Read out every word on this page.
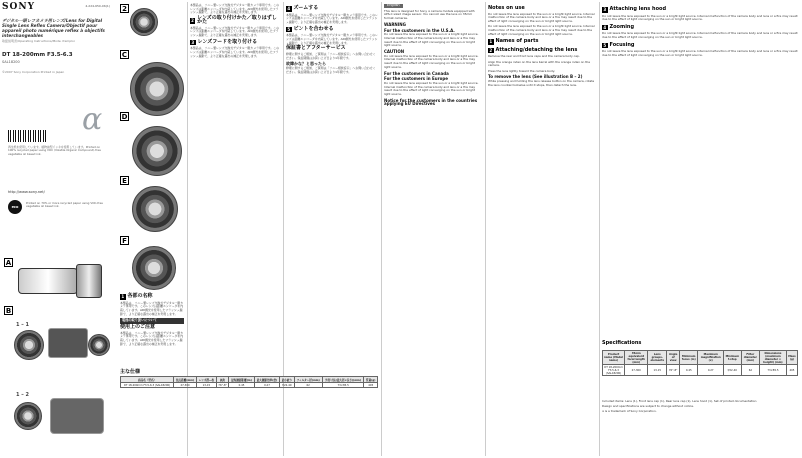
SONY	4-224-650-06(1)
デジタル一眼レフカメラ用レンズ/Lens for Digital Single Lens Reflex Camera/Objectif pour appareil photo numérique reflex à objectifs interchangeables
取扱説明書/Operating Instructions/Mode d'emploi
DT 18-200mm F3.5-6.3
SAL18200
©2007 Sony Corporation Printed in Japan
α
再生紙を使用しています。植物油型インキを使用しています。Printed on 100% recycled paper using VOC (Volatile Organic Compound)-free vegetable oil based ink.
http://www.sony.net/
eco
Printed on 70% or more recycled paper using VOC-free vegetable oil based ink.
2
A
B
1 – 1
1 – 2
C
D
E
F
1 各部の名称

本製品は、ソニー製レンズ交換式デジタル一眼カメラ専用です。このレンズは距離エンコーダを内蔵しています。ADI調光を使用したフラッシュ撮影で、より正確な露出の補正を実現します。

電池の取り扱いについて
使用上のご注意

本製品は、ソニー製レンズ交換式デジタル一眼カメラ専用です。このレンズは距離エンコーダを内蔵しています。ADI調光を使用したフラッシュ撮影で、より正確な露出の補正を実現します。

本製品は、ソニー製レンズ交換式デジタル一眼カメラ専用です。このレンズは距離エンコーダを内蔵しています。ADI調光を使用したフラッシュ撮影で、より正確な露出の補正を実現します。

2 レンズの取り付けかた／取りはずしかた

本製品は、ソニー製レンズ交換式デジタル一眼カメラ専用です。このレンズは距離エンコーダを内蔵しています。ADI調光を使用したフラッシュ撮影で、より正確な露出の補正を実現します。

3 レンズフードを取り付ける

本製品は、ソニー製レンズ交換式デジタル一眼カメラ専用です。このレンズは距離エンコーダを内蔵しています。ADI調光を使用したフラッシュ撮影で、より正確な露出の補正を実現します。

4 ズームする

本製品は、ソニー製レンズ交換式デジタル一眼カメラ専用です。このレンズは距離エンコーダを内蔵しています。ADI調光を使用したフラッシュ撮影で、より正確な露出の補正を実現します。

5 ピントを合わせる

本製品は、ソニー製レンズ交換式デジタル一眼カメラ専用です。このレンズは距離エンコーダを内蔵しています。ADI調光を使用したフラッシュ撮影で、より正確な露出の補正を実現します。

保証書とアフターサービス

修理に関するご相談、ご質問は「ソニー相談窓口」へお問い合わせください。保証期間はお買い上げ日より1年間です。

故障かな？と思ったら

修理に関するご相談、ご質問は「ソニー相談窓口」へお問い合わせください。保証期間はお買い上げ日より1年間です。

English

This lens is designed for Sony α camera models equipped with APS-C sized image sensor. You cannot use the lens on 35mm format cameras.

WARNING
For the customers in the U.S.A.

Do not leave the lens exposed to the sun or a bright light source. Internal malfunction of the camera body and lens or a fire may result due to the effect of light converging on the sun or bright light source.

CAUTION

Do not leave the lens exposed to the sun or a bright light source. Internal malfunction of the camera body and lens or a fire may result due to the effect of light converging on the sun or bright light source.

For the customers in Canada
For the customers in Europe

Do not leave the lens exposed to the sun or a bright light source. Internal malfunction of the camera body and lens or a fire may result due to the effect of light converging on the sun or bright light source.

Notice for the customers in the countries applying EU Directives
Notes on use

Do not leave the lens exposed to the sun or a bright light source. Internal malfunction of the camera body and lens or a fire may result due to the effect of light converging on the sun or bright light source.

Do not leave the lens exposed to the sun or a bright light source. Internal malfunction of the camera body and lens or a fire may result due to the effect of light converging on the sun or bright light source.

1 Names of parts
2 Attaching/detaching the lens

Remove the rear and front lens caps and the camera body cap.

Align the orange index on the lens barrel with the orange index on the camera.

Press the lens lightly toward the camera body.

To remove the lens (See illustration B – 2)

While pressing and holding the lens release button on the camera, rotate the lens counterclockwise until it stops, then detach the lens.

3 Attaching lens hood

Do not leave the lens exposed to the sun or a bright light source. Internal malfunction of the camera body and lens or a fire may result due to the effect of light converging on the sun or bright light source.

4 Zooming

Do not leave the lens exposed to the sun or a bright light source. Internal malfunction of the camera body and lens or a fire may result due to the effect of light converging on the sun or bright light source.

5 Focusing

Do not leave the lens exposed to the sun or a bright light source. Internal malfunction of the camera body and lens or a fire may result due to the effect of light converging on the sun or bright light source.

主な仕様
商品名（型名）	焦点距離(mm)	レンズ群―枚	画角	最短撮影距離(m)	最大撮影倍率(倍)	最小絞り	フィルター径(mm)	外形寸法(最大径×長さ)(mm)	質量(g)
DT 18-200mm F3.5-6.3 (SAL18200)	27-300	13-15	76°-8°	0.45	0.27	f/22-40	62	73×85.5	405
Specifications
Product name (Model name)	35mm equivalent focal length (mm)	Lens groups-elements	Angle of view	Minimum focus (m)	Maximum magnification (x)	Minimum f-stop	Filter diameter (mm)	Dimensions (maximum diameter × height) (mm)	Mass (g)
DT 18-200mm F3.5-6.3 (SAL18200)	27-300	13-15	76°-8°	0.45	0.27	f/22-40	62	73×85.5	405

Included items: Lens (1), Front lens cap (1), Rear lens cap (1), Lens hood (1), Set of printed documentation

Design and specifications are subject to change without notice.

α is a trademark of Sony Corporation.
